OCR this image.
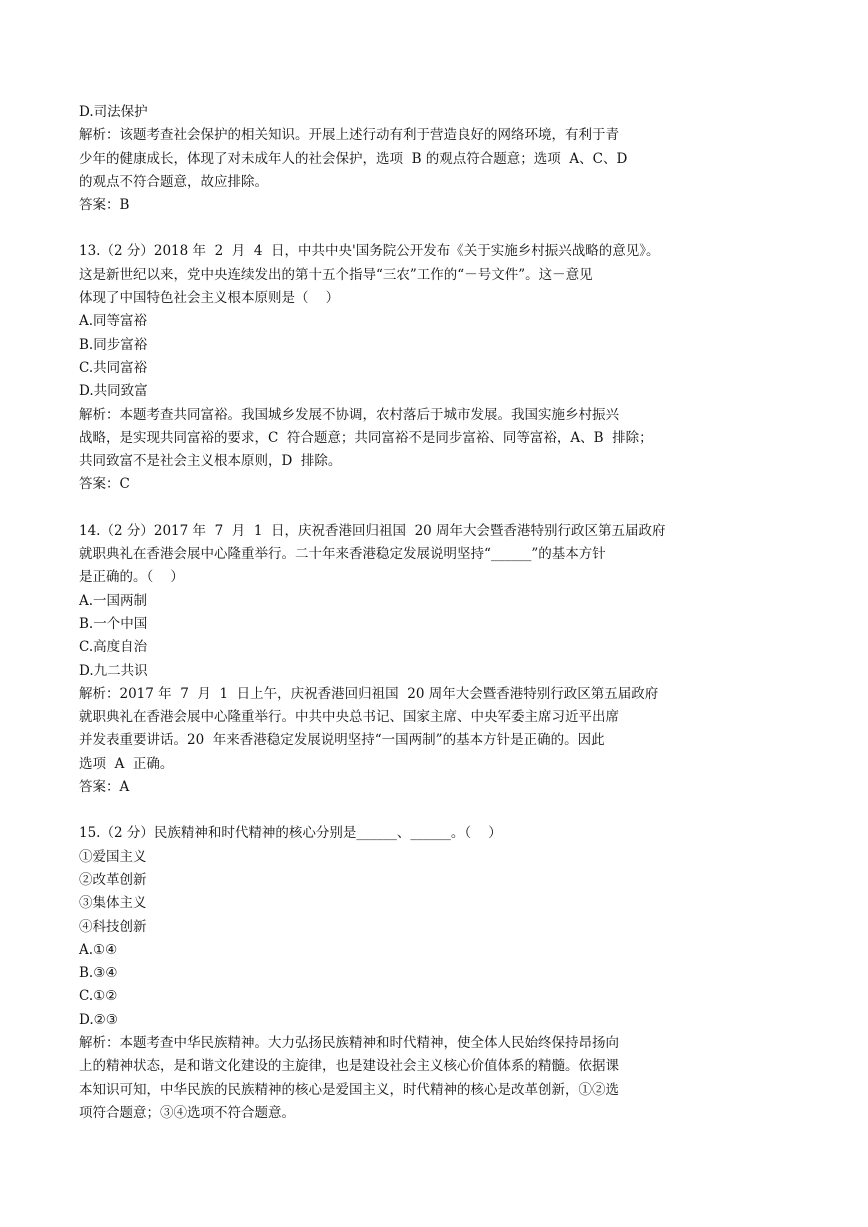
D.司法保护
解析：该题考查社会保护的相关知识。开展上述行动有利于营造良好的网络环境，有利于青
少年的健康成长，体现了对未成年人的社会保护，选项  B 的观点符合题意；选项  A、C、D
的观点不符合题意，故应排除。
答案：B
13.（2 分）2018 年  2  月  4  日，中共中央'国务院公开发布《关于实施乡村振兴战略的意见》。
这是新世纪以来，党中央连续发出的第十五个指导“三农”工作的“－号文件”。这－意见
体现了中国特色社会主义根本原则是（    ）
A.同等富裕
B.同步富裕
C.共同富裕
D.共同致富
解析：本题考查共同富裕。我国城乡发展不协调，农村落后于城市发展。我国实施乡村振兴
战略，是实现共同富裕的要求，C  符合题意；共同富裕不是同步富裕、同等富裕，A、B  排除；
共同致富不是社会主义根本原则，D  排除。
答案：C
14.（2 分）2017 年  7  月  1  日，庆祝香港回归祖国  20 周年大会暨香港特别行政区第五届政府
就职典礼在香港会展中心隆重举行。二十年来香港稳定发展说明坚持“______”的基本方针
是正确的。（    ）
A.一国两制
B.一个中国
C.高度自治
D.九二共识
解析：2017 年  7  月  1  日上午，庆祝香港回归祖国  20 周年大会暨香港特别行政区第五届政府
就职典礼在香港会展中心隆重举行。中共中央总书记、国家主席、中央军委主席习近平出席
并发表重要讲话。20  年来香港稳定发展说明坚持“一国两制”的基本方针是正确的。因此
选项  A  正确。
答案：A
15.（2 分）民族精神和时代精神的核心分别是______、______。（    ）
①爱国主义
②改革创新
③集体主义
④科技创新
A.①④
B.③④
C.①②
D.②③
解析：本题考查中华民族精神。大力弘扬民族精神和时代精神，使全体人民始终保持昂扬向
上的精神状态，是和谐文化建设的主旋律，也是建设社会主义核心价值体系的精髓。依据课
本知识可知，中华民族的民族精神的核心是爱国主义，时代精神的核心是改革创新，①②选
项符合题意；③④选项不符合题意。
